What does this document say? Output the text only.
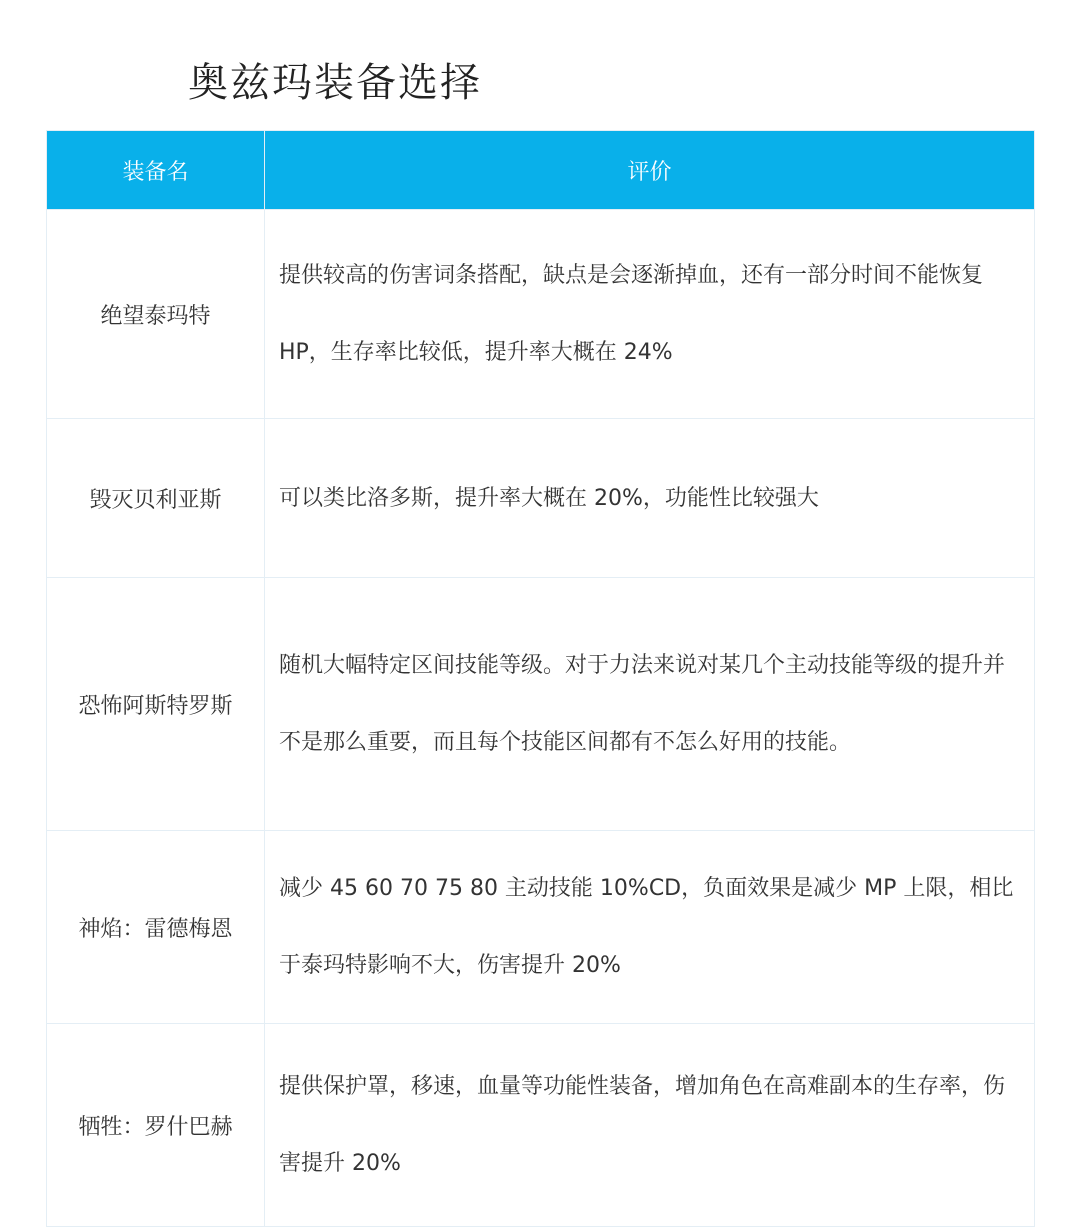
奥兹玛装备选择
装备名	评价
绝望泰玛特	提供较高的伤害词条搭配，缺点是会逐渐掉血，还有一部分时间不能恢复 HP，生存率比较低，提升率大概在 24%
毁灭贝利亚斯	可以类比洛多斯，提升率大概在 20%，功能性比较强大
恐怖阿斯特罗斯	随机大幅特定区间技能等级。对于力法来说对某几个主动技能等级的提升并不是那么重要，而且每个技能区间都有不怎么好用的技能。
神焰：雷德梅恩	减少 45 60 70 75 80 主动技能 10%CD，负面效果是减少 MP 上限，相比于泰玛特影响不大，伤害提升 20%
牺牲：罗什巴赫	提供保护罩，移速，血量等功能性装备，增加角色在高难副本的生存率，伤害提升 20%
